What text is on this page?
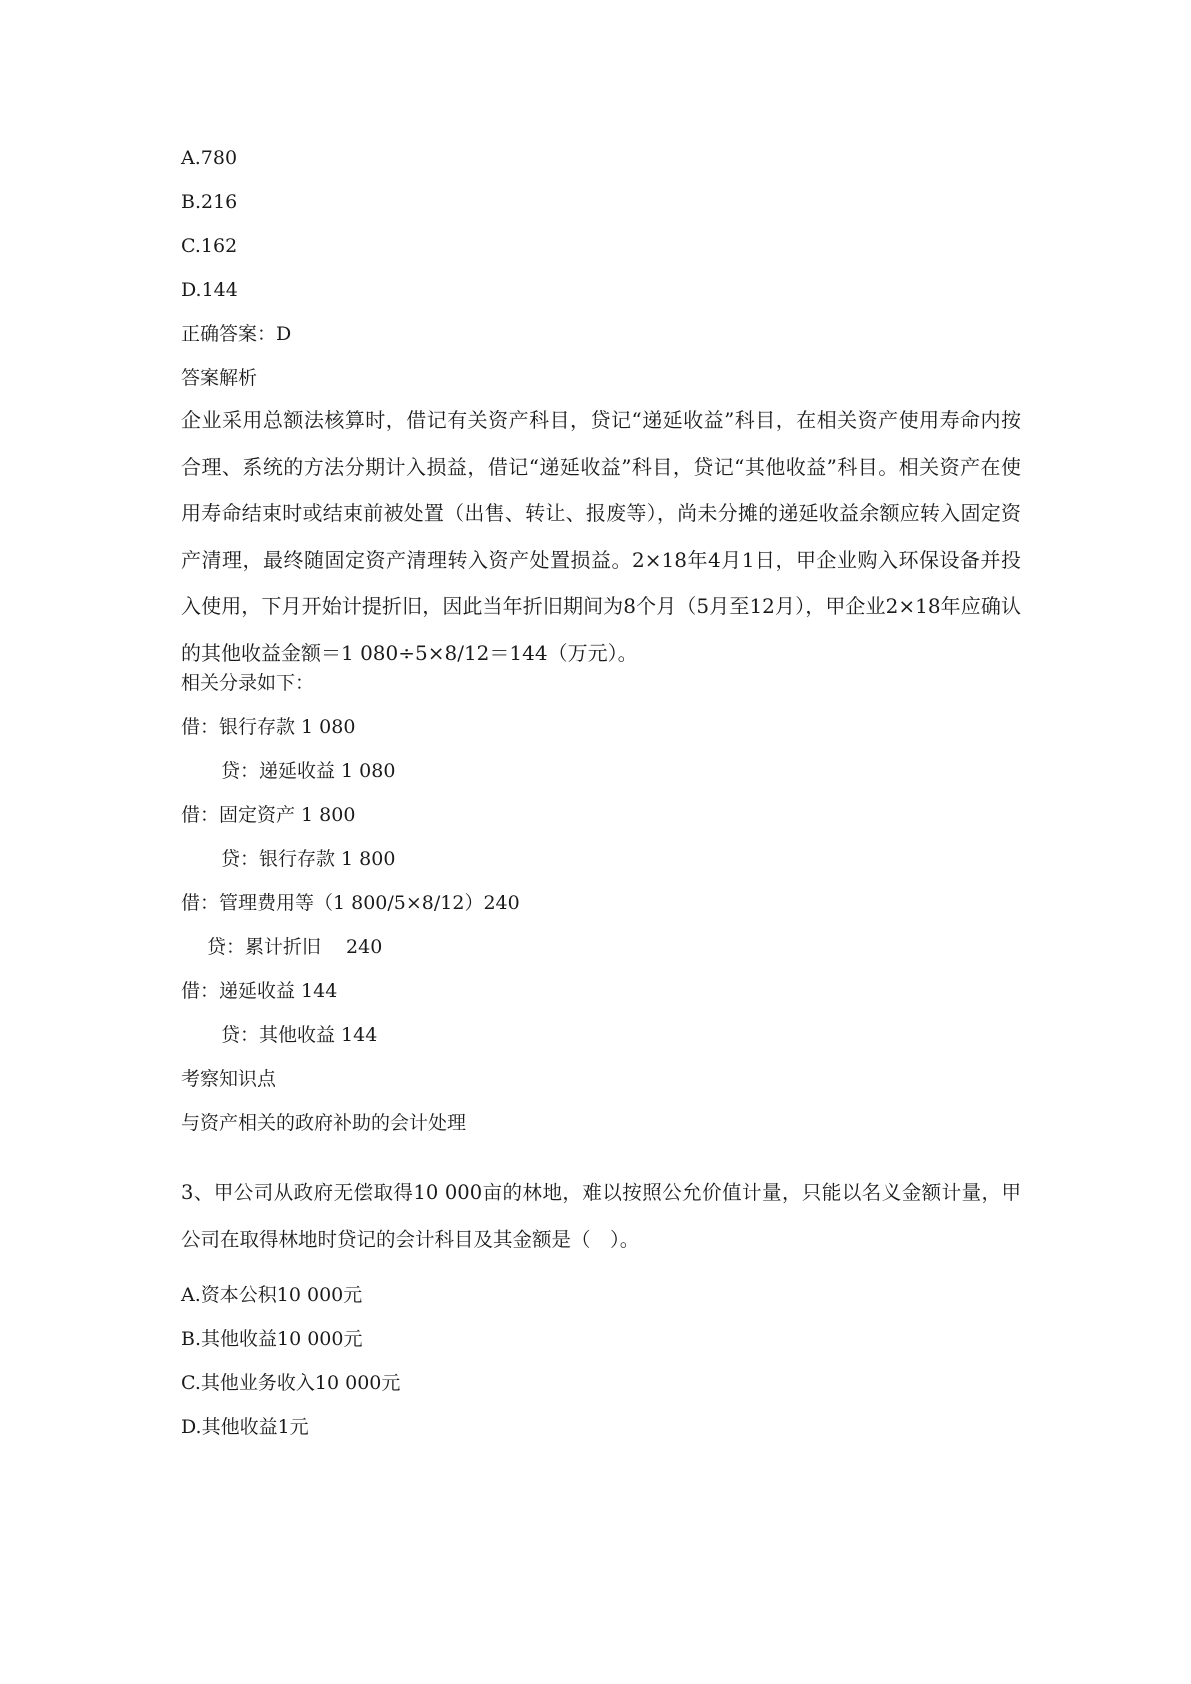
A.780
B.216
C.162
D.144
正确答案：D
答案解析
企业采用总额法核算时，借记有关资产科目，贷记“递延收益”科目，在相关资产使用寿命内按合理、系统的方法分期计入损益，借记“递延收益”科目，贷记“其他收益”科目。相关资产在使用寿命结束时或结束前被处置（出售、转让、报废等），尚未分摊的递延收益余额应转入固定资产清理，最终随固定资产清理转入资产处置损益。2×18年4月1日，甲企业购入环保设备并投入使用，下月开始计提折旧，因此当年折旧期间为8个月（5月至12月），甲企业2×18年应确认的其他收益金额＝1 080÷5×8/12＝144（万元）。
相关分录如下：
借：银行存款 1 080
贷：递延收益 1 080
借：固定资产 1 800
贷：银行存款 1 800
借：管理费用等（1 800/5×8/12）240
贷：累计折旧　 240
借：递延收益 144
贷：其他收益 144
考察知识点
与资产相关的政府补助的会计处理
3、甲公司从政府无偿取得10 000亩的林地，难以按照公允价值计量，只能以名义金额计量，甲公司在取得林地时贷记的会计科目及其金额是（　）。
A.资本公积10 000元
B.其他收益10 000元
C.其他业务收入10 000元
D.其他收益1元
